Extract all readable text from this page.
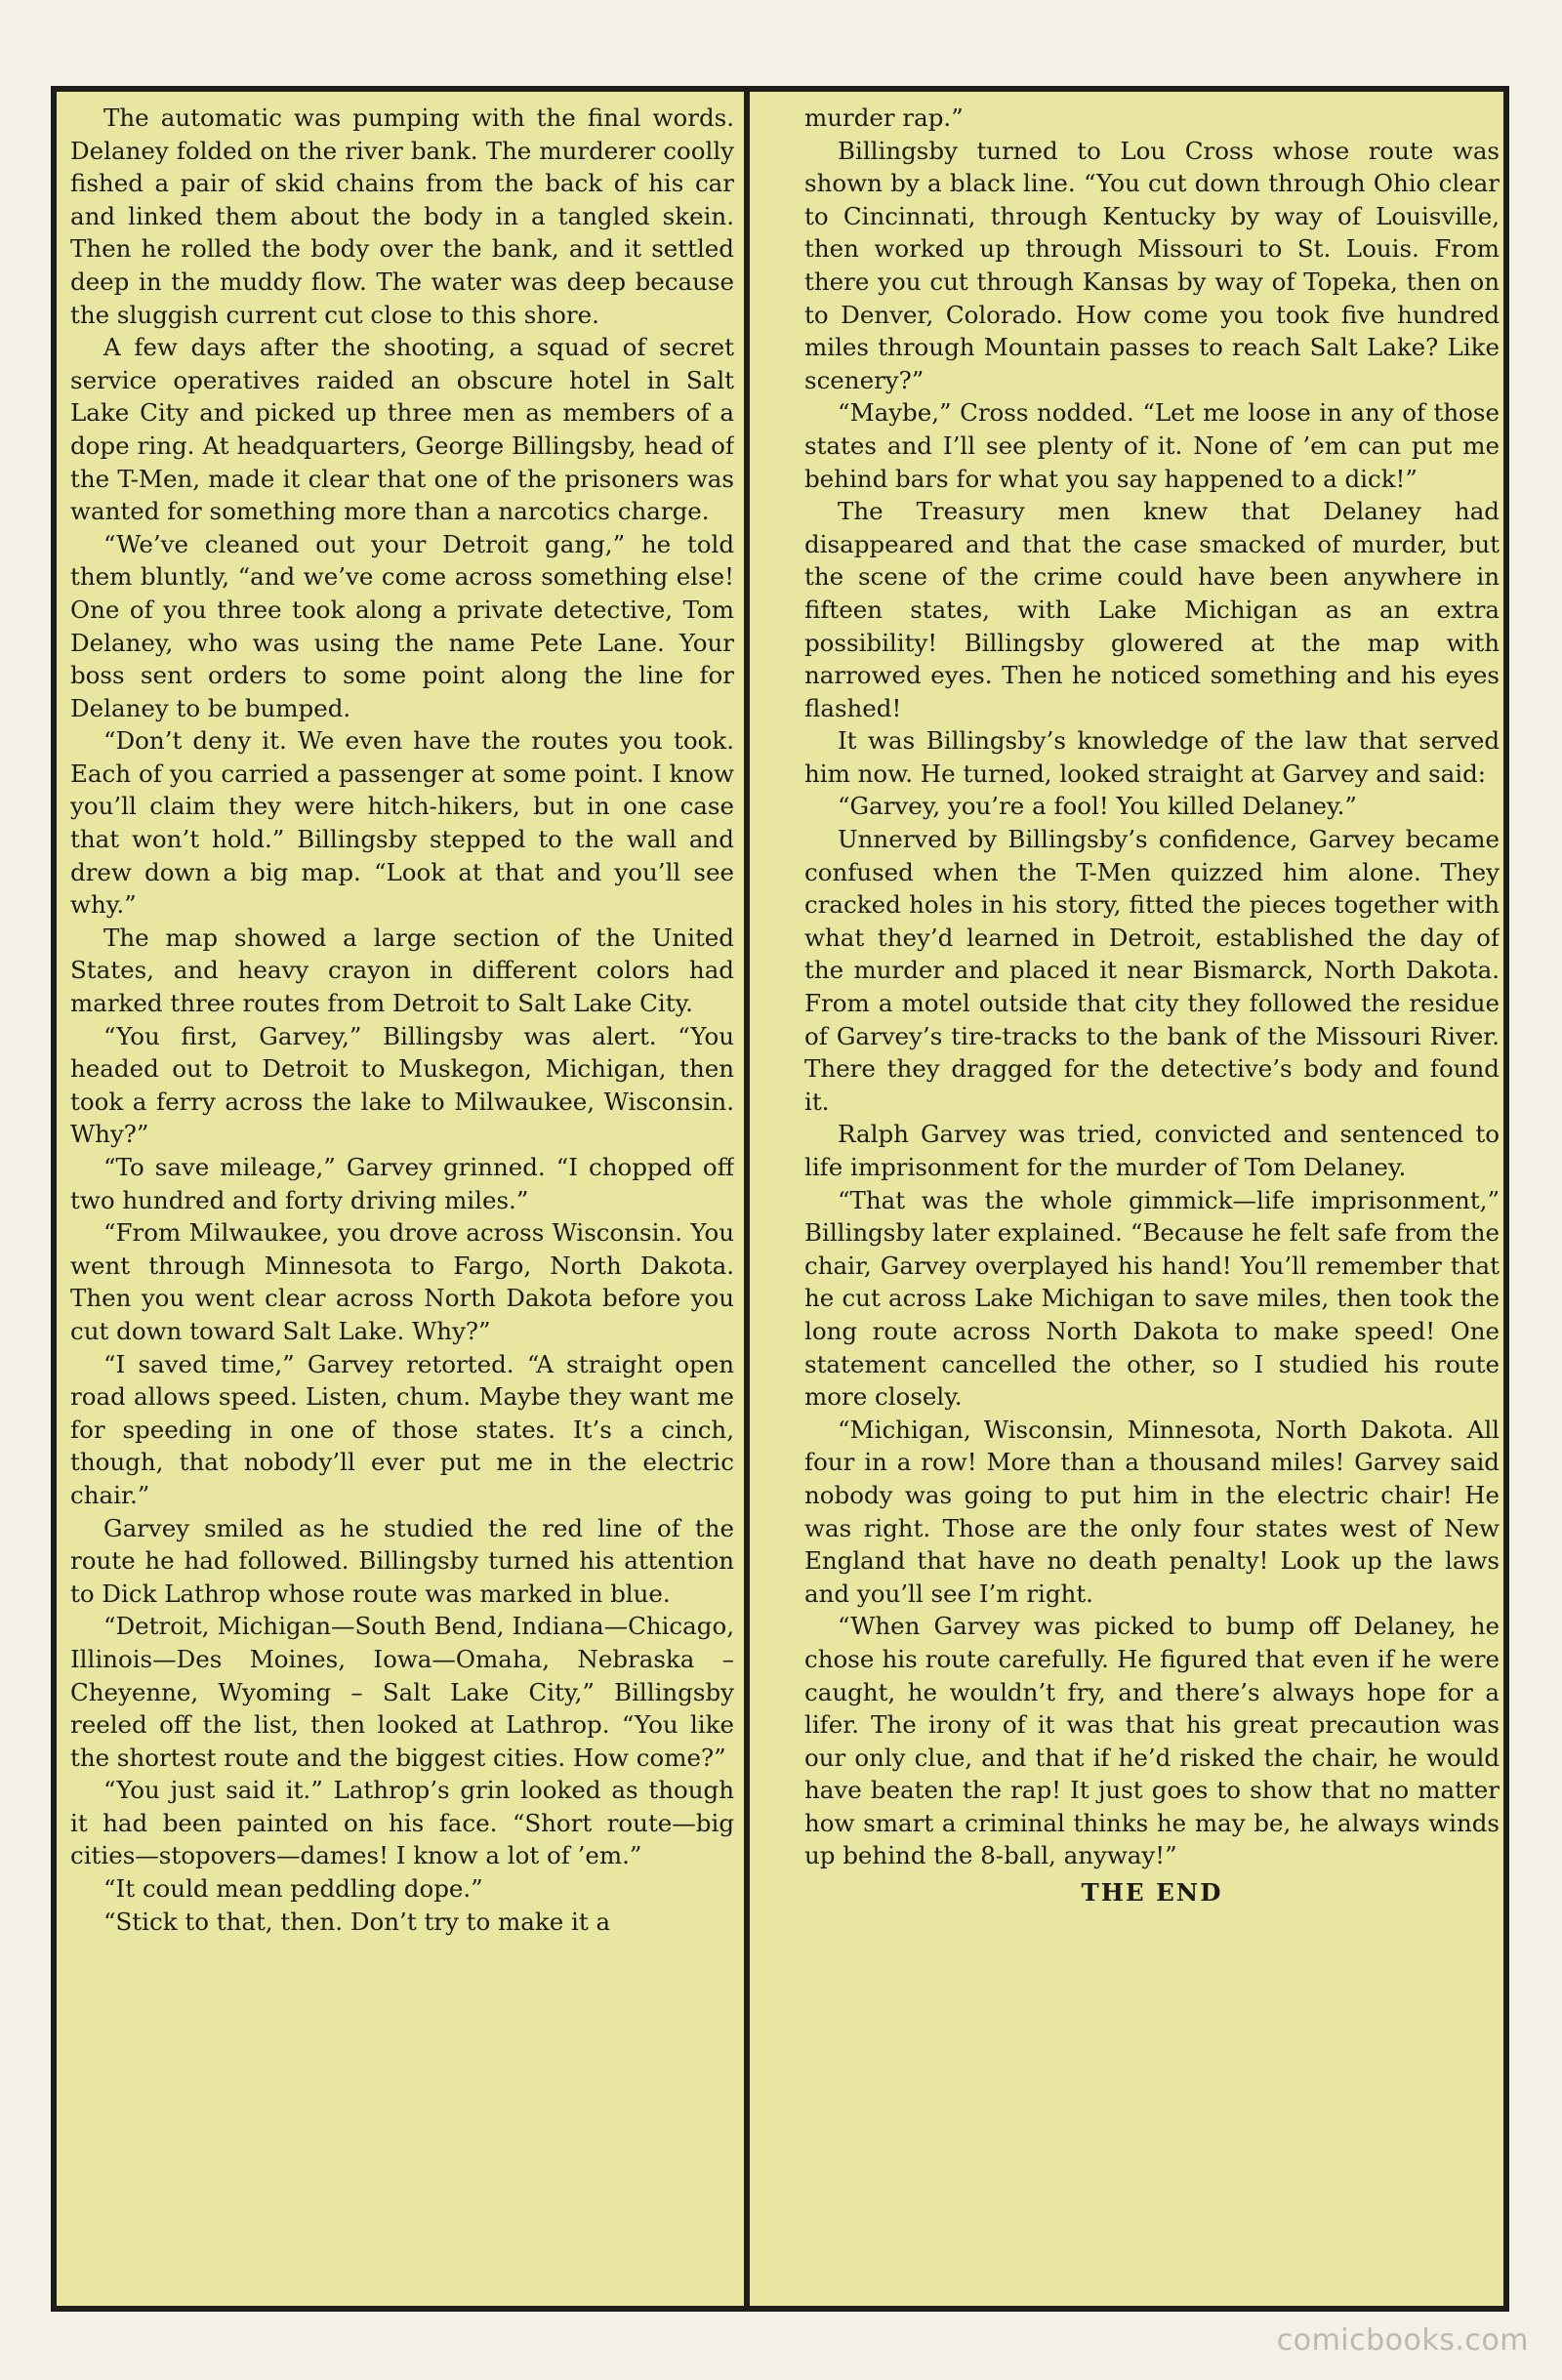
The automatic was pumping with the final words. Delaney folded on the river bank. The murderer coolly fished a pair of skid chains from the back of his car and linked them about the body in a tangled skein. Then he rolled the body over the bank, and it settled deep in the muddy flow. The water was deep because the sluggish current cut close to this shore.

A few days after the shooting, a squad of secret service operatives raided an obscure hotel in Salt Lake City and picked up three men as members of a dope ring. At headquarters, George Billingsby, head of the T-Men, made it clear that one of the prisoners was wanted for something more than a narcotics charge.

“We’ve cleaned out your Detroit gang,” he told them bluntly, “and we’ve come across something else! One of you three took along a private detective, Tom Delaney, who was using the name Pete Lane. Your boss sent orders to some point along the line for Delaney to be bumped.

“Don’t deny it. We even have the routes you took. Each of you carried a passenger at some point. I know you’ll claim they were hitch-hikers, but in one case that won’t hold.” Billingsby stepped to the wall and drew down a big map. “Look at that and you’ll see why.”

The map showed a large section of the United States, and heavy crayon in different colors had marked three routes from Detroit to Salt Lake City.

“You first, Garvey,” Billingsby was alert. “You headed out to Detroit to Muskegon, Michigan, then took a ferry across the lake to Milwaukee, Wisconsin. Why?”

“To save mileage,” Garvey grinned. “I chopped off two hundred and forty driving miles.”

“From Milwaukee, you drove across Wisconsin. You went through Minnesota to Fargo, North Dakota. Then you went clear across North Dakota before you cut down toward Salt Lake. Why?”

“I saved time,” Garvey retorted. “A straight open road allows speed. Listen, chum. Maybe they want me for speeding in one of those states. It’s a cinch, though, that nobody’ll ever put me in the electric chair.”

Garvey smiled as he studied the red line of the route he had followed. Billingsby turned his attention to Dick Lathrop whose route was marked in blue.

“Detroit, Michigan—South Bend, Indiana—Chicago, Illinois—Des Moines, Iowa—Omaha, Nebraska – Cheyenne, Wyoming – Salt Lake City,” Billingsby reeled off the list, then looked at Lathrop. “You like the shortest route and the biggest cities. How come?”

“You just said it.” Lathrop’s grin looked as though it had been painted on his face. “Short route—big cities—stopovers—dames! I know a lot of ’em.”

“It could mean peddling dope.”

“Stick to that, then. Don’t try to make it a

murder rap.”

Billingsby turned to Lou Cross whose route was shown by a black line. “You cut down through Ohio clear to Cincinnati, through Kentucky by way of Louisville, then worked up through Missouri to St. Louis. From there you cut through Kansas by way of Topeka, then on to Denver, Colorado. How come you took five hundred miles through Mountain passes to reach Salt Lake? Like scenery?”

“Maybe,” Cross nodded. “Let me loose in any of those states and I’ll see plenty of it. None of ’em can put me behind bars for what you say happened to a dick!”

The Treasury men knew that Delaney had disappeared and that the case smacked of murder, but the scene of the crime could have been anywhere in fifteen states, with Lake Michigan as an extra possibility! Billingsby glowered at the map with narrowed eyes. Then he noticed something and his eyes flashed!

It was Billingsby’s knowledge of the law that served him now. He turned, looked straight at Garvey and said:

“Garvey, you’re a fool! You killed Delaney.”

Unnerved by Billingsby’s confidence, Garvey became confused when the T-Men quizzed him alone. They cracked holes in his story, fitted the pieces together with what they’d learned in Detroit, established the day of the murder and placed it near Bismarck, North Dakota. From a motel outside that city they followed the residue of Garvey’s tire-tracks to the bank of the Missouri River. There they dragged for the detective’s body and found it.

Ralph Garvey was tried, convicted and sentenced to life imprisonment for the murder of Tom Delaney.

“That was the whole gimmick—life imprisonment,” Billingsby later explained. “Because he felt safe from the chair, Garvey overplayed his hand! You’ll remember that he cut across Lake Michigan to save miles, then took the long route across North Dakota to make speed! One statement cancelled the other, so I studied his route more closely.

“Michigan, Wisconsin, Minnesota, North Dakota. All four in a row! More than a thousand miles! Garvey said nobody was going to put him in the electric chair! He was right. Those are the only four states west of New England that have no death penalty! Look up the laws and you’ll see I’m right.

“When Garvey was picked to bump off Delaney, he chose his route carefully. He figured that even if he were caught, he wouldn’t fry, and there’s always hope for a lifer. The irony of it was that his great precaution was our only clue, and that if he’d risked the chair, he would have beaten the rap! It just goes to show that no matter how smart a criminal thinks he may be, he always winds up behind the 8-ball, anyway!”

THE END

comicbooks.com
